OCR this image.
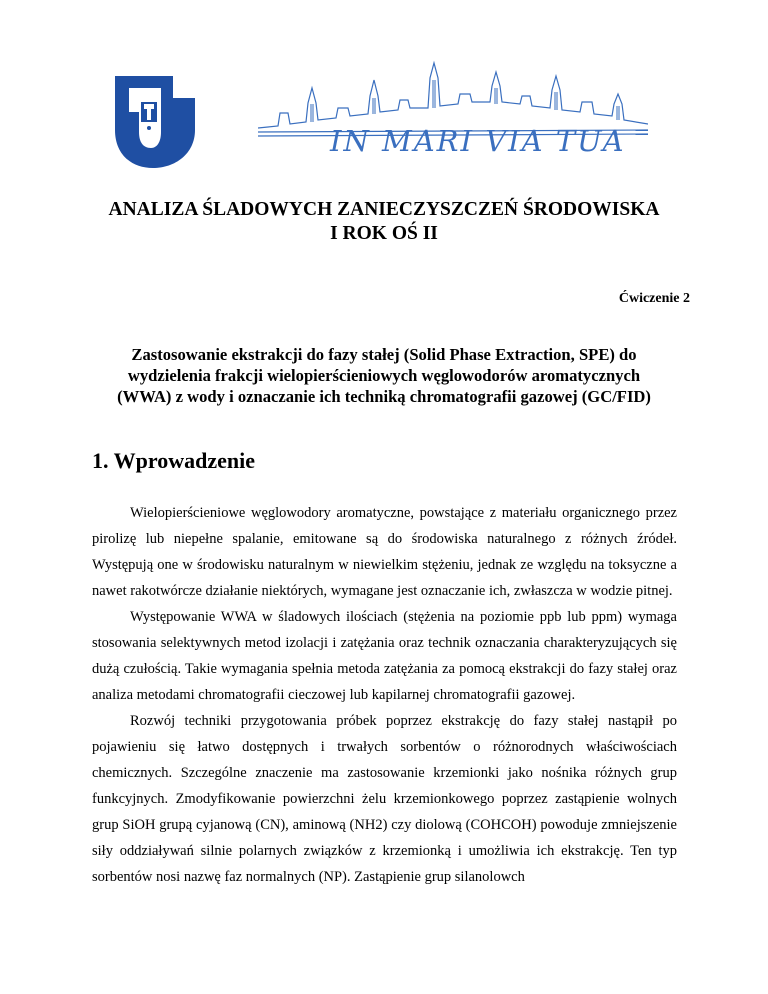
IN MARI VIA TUA
ANALIZA ŚLADOWYCH ZANIECZYSZCZEŃ ŚRODOWISKA
I ROK OŚ II
Ćwiczenie 2
Zastosowanie ekstrakcji do fazy stałej (Solid Phase Extraction, SPE) do
wydzielenia frakcji wielopierścieniowych węglowodorów aromatycznych
(WWA) z wody i oznaczanie ich techniką chromatografii gazowej (GC/FID)
1. Wprowadzenie

Wielopierścieniowe węglowodory aromatyczne, powstające z materiału organicznego przez pirolizę lub niepełne spalanie, emitowane są do środowiska naturalnego z różnych źródeł. Występują one w środowisku naturalnym w niewielkim stężeniu, jednak ze względu na toksyczne a nawet rakotwórcze działanie niektórych, wymagane jest oznaczanie ich, zwłaszcza w wodzie pitnej.

Występowanie WWA w śladowych ilościach (stężenia na poziomie ppb lub ppm) wymaga stosowania selektywnych metod izolacji i zatężania oraz technik oznaczania charakteryzujących się dużą czułością. Takie wymagania spełnia metoda zatężania za pomocą ekstrakcji do fazy stałej oraz analiza metodami chromatografii cieczowej lub kapilarnej chromatografii gazowej.

Rozwój techniki przygotowania próbek poprzez ekstrakcję do fazy stałej nastąpił po pojawieniu się łatwo dostępnych i trwałych sorbentów o różnorodnych właściwościach chemicznych. Szczególne znaczenie ma zastosowanie krzemionki jako nośnika różnych grup funkcyjnych. Zmodyfikowanie powierzchni żelu krzemionkowego poprzez zastąpienie wolnych grup SiOH grupą cyjanową (CN), aminową (NH2) czy diolową (COHCOH) powoduje zmniejszenie siły oddziaływań silnie polarnych związków z krzemionką i umożliwia ich ekstrakcję. Ten typ sorbentów nosi nazwę faz normalnych (NP). Zastąpienie grup silanolowch
